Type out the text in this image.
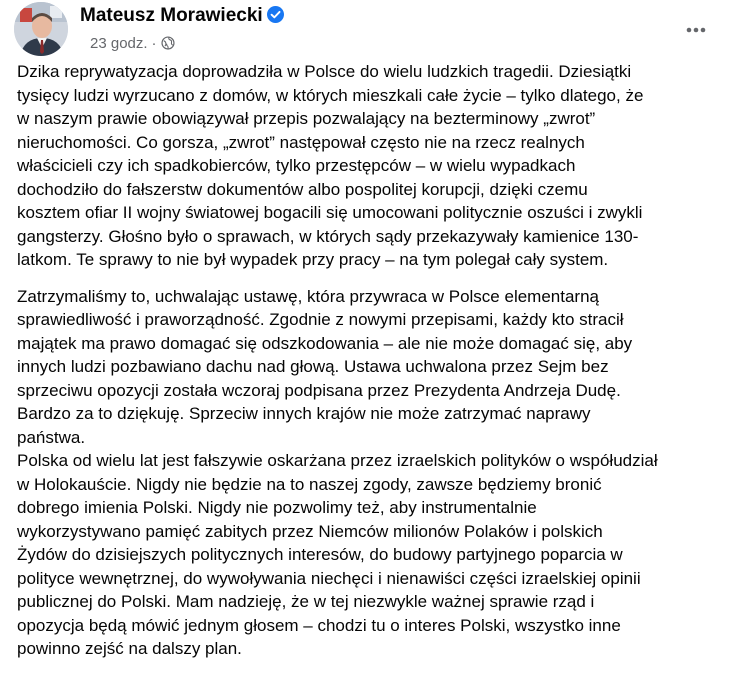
Mateusz Morawiecki
23 godz. ·

Dzika reprywatyzacja doprowadziła w Polsce do wielu ludzkich tragedii. Dziesiątki
tysięcy ludzi wyrzucano z domów, w których mieszkali całe życie – tylko dlatego, że
w naszym prawie obowiązywał przepis pozwalający na bezterminowy „zwrot”
nieruchomości. Co gorsza, „zwrot” następował często nie na rzecz realnych
właścicieli czy ich spadkobierców, tylko przestępców – w wielu wypadkach
dochodziło do fałszerstw dokumentów albo pospolitej korupcji, dzięki czemu
kosztem ofiar II wojny światowej bogacili się umocowani politycznie oszuści i zwykli
gangsterzy. Głośno było o sprawach, w których sądy przekazywały kamienice 130-
latkom. Te sprawy to nie był wypadek przy pracy – na tym polegał cały system.

Zatrzymaliśmy to, uchwalając ustawę, która przywraca w Polsce elementarną
sprawiedliwość i praworządność. Zgodnie z nowymi przepisami, każdy kto stracił
majątek ma prawo domagać się odszkodowania – ale nie może domagać się, aby
innych ludzi pozbawiano dachu nad głową. Ustawa uchwalona przez Sejm bez
sprzeciwu opozycji została wczoraj podpisana przez Prezydenta Andrzeja Dudę.
Bardzo za to dziękuję. Sprzeciw innych krajów nie może zatrzymać naprawy
państwa.

Polska od wielu lat jest fałszywie oskarżana przez izraelskich polityków o współudział
w Holokauście. Nigdy nie będzie na to naszej zgody, zawsze będziemy bronić
dobrego imienia Polski. Nigdy nie pozwolimy też, aby instrumentalnie
wykorzystywano pamięć zabitych przez Niemców milionów Polaków i polskich
Żydów do dzisiejszych politycznych interesów, do budowy partyjnego poparcia w
polityce wewnętrznej, do wywoływania niechęci i nienawiści części izraelskiej opinii
publicznej do Polski. Mam nadzieję, że w tej niezwykle ważnej sprawie rząd i
opozycja będą mówić jednym głosem – chodzi tu o interes Polski, wszystko inne
powinno zejść na dalszy plan.
